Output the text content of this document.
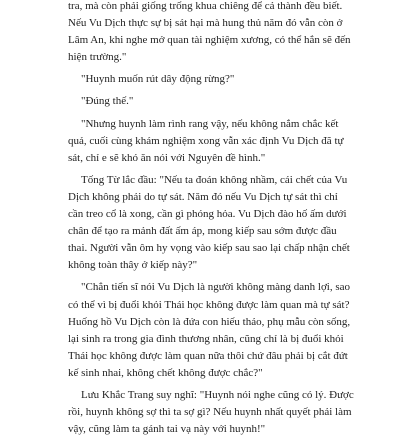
tra, mà còn phải giống trống khua chiêng để cả thành đều biết.
Nếu Vu Dịch thực sự bị sát hại mà hung thủ năm đó vẫn còn ở
Lâm An, khi nghe mở quan tài nghiệm xương, có thể hắn sẽ đến
hiện trường."
"Huynh muốn rút dây động rừng?"
"Đúng thế."
"Nhưng huynh làm rình rang vậy, nếu không nắm chắc kết
quả, cuối cùng khám nghiệm xong vẫn xác định Vu Dịch đã tự
sát, chỉ e sẽ khó ăn nói với Nguyên đề hình."
Tống Từ lắc đầu: "Nếu ta đoán không nhầm, cái chết của Vu
Dịch không phải do tự sát. Năm đó nếu Vu Dịch tự sát thì chỉ
cần treo cổ là xong, cần gì phóng hỏa. Vu Dịch đào hố ấm dưới
chân để tạo ra mảnh đất ấm áp, mong kiếp sau sớm được đầu
thai. Người vẫn ôm hy vọng vào kiếp sau sao lại chấp nhận chết
không toàn thây ở kiếp này?"
"Chẳn tiến sĩ nói Vu Dịch là người không màng danh lợi, sao
có thể vì bị đuổi khỏi Thái học không được làm quan mà tự sát?
Huống hồ Vu Dịch còn là đứa con hiếu thảo, phụ mẫu còn sống,
lại sinh ra trong gia đình thương nhân, cũng chỉ là bị đuổi khỏi
Thái học không được làm quan nữa thôi chứ đâu phải bị cắt đứt
kế sinh nhai, không chết không được chắc?"
Lưu Khắc Trang suy nghĩ: "Huynh nói nghe cũng có lý. Được
rồi, huynh không sợ thì ta sợ gì? Nếu huynh nhất quyết phải làm
vậy, cũng làm ta gánh tai vạ này với huynh!"
